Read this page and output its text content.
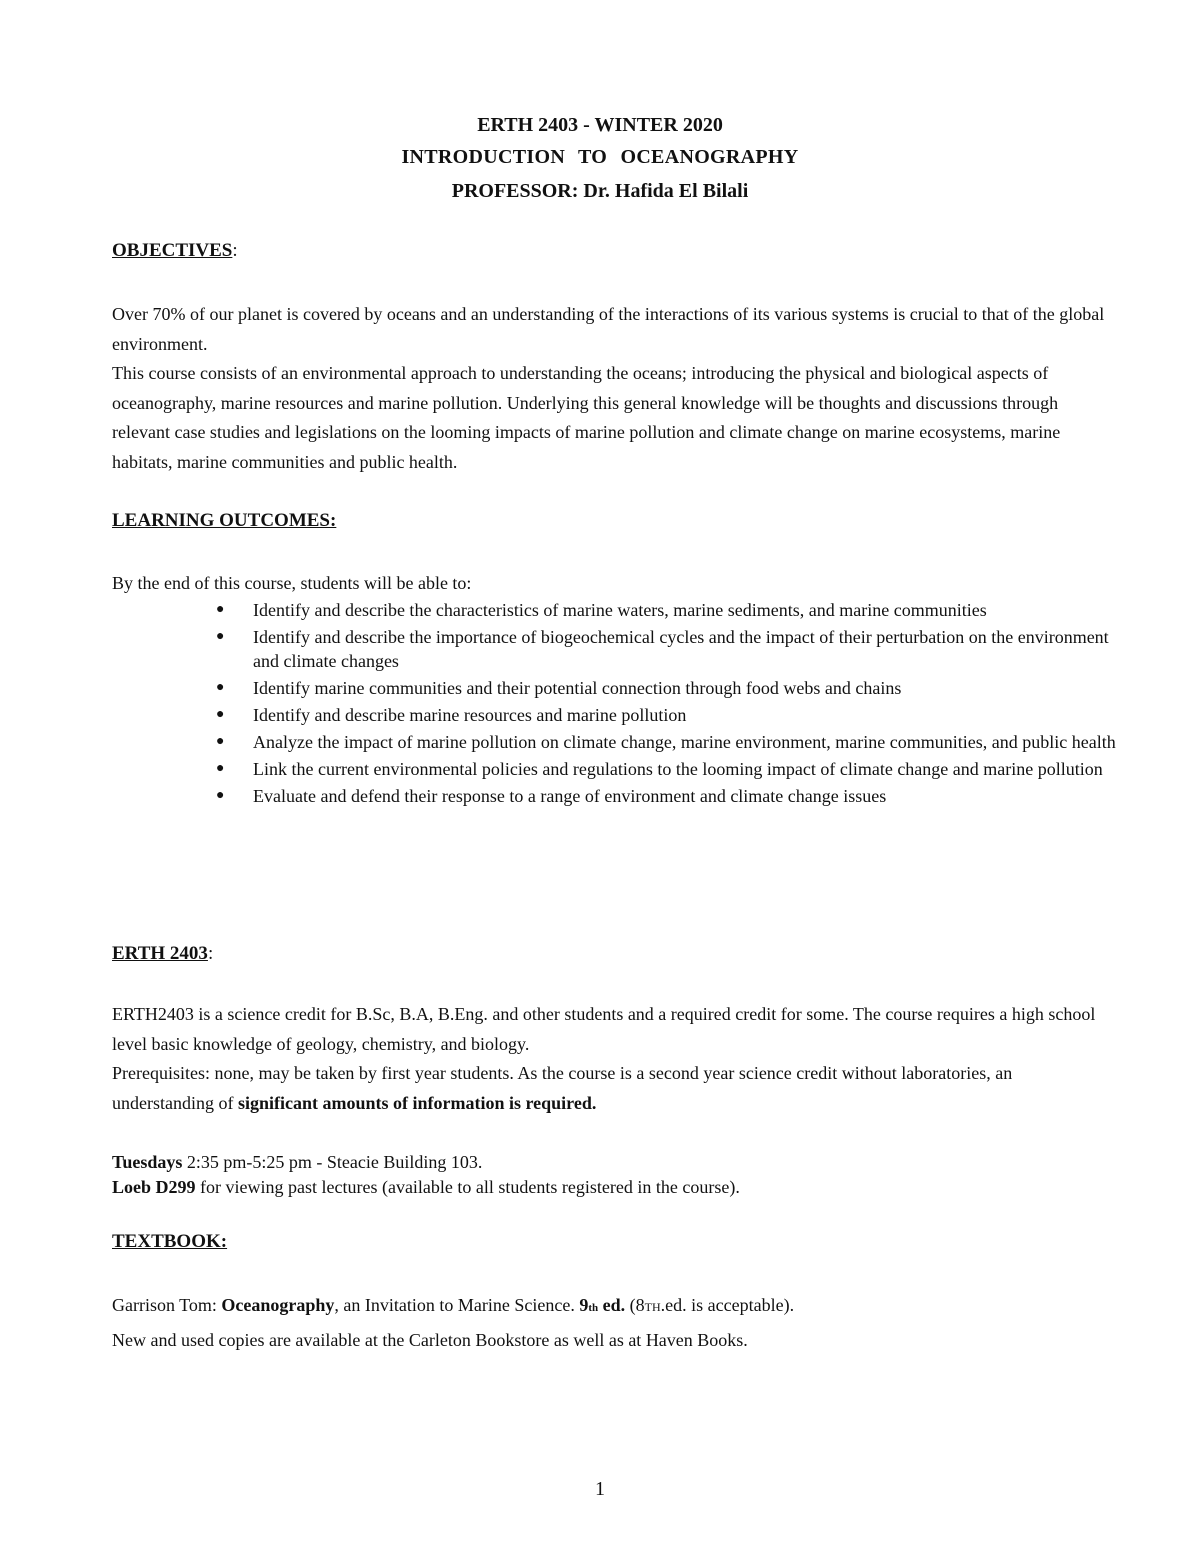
ERTH 2403 - WINTER 2020
INTRODUCTION TO OCEANOGRAPHY
PROFESSOR: Dr. Hafida El Bilali
OBJECTIVES:
Over 70% of our planet is covered by oceans and an understanding of the interactions of its various systems is crucial to that of the global environment.
This course consists of an environmental approach to understanding the oceans; introducing the physical and biological aspects of oceanography, marine resources and marine pollution. Underlying this general knowledge will be thoughts and discussions through relevant case studies and legislations on the looming impacts of marine pollution and climate change on marine ecosystems, marine habitats, marine communities and public health.
LEARNING OUTCOMES:
By the end of this course, students will be able to:
● Identify and describe the characteristics of marine waters, marine sediments, and marine communities
● Identify and describe the importance of biogeochemical cycles and the impact of their perturbation on the environment and climate changes
● Identify marine communities and their potential connection through food webs and chains
● Identify and describe marine resources and marine pollution
● Analyze the impact of marine pollution on climate change, marine environment, marine communities, and public health
● Link the current environmental policies and regulations to the looming impact of climate change and marine pollution
● Evaluate and defend their response to a range of environment and climate change issues
ERTH 2403:
ERTH2403 is a science credit for B.Sc, B.A, B.Eng. and other students and a required credit for some. The course requires a high school level basic knowledge of geology, chemistry, and biology.
Prerequisites: none, may be taken by first year students. As the course is a second year science credit without laboratories, an understanding of significant amounts of information is required.
Tuesdays 2:35 pm-5:25 pm - Steacie Building 103.
Loeb D299 for viewing past lectures (available to all students registered in the course).
TEXTBOOK:
Garrison Tom: Oceanography, an Invitation to Marine Science. 9th ed. (8TH.ed. is acceptable).
New and used copies are available at the Carleton Bookstore as well as at Haven Books.
1
